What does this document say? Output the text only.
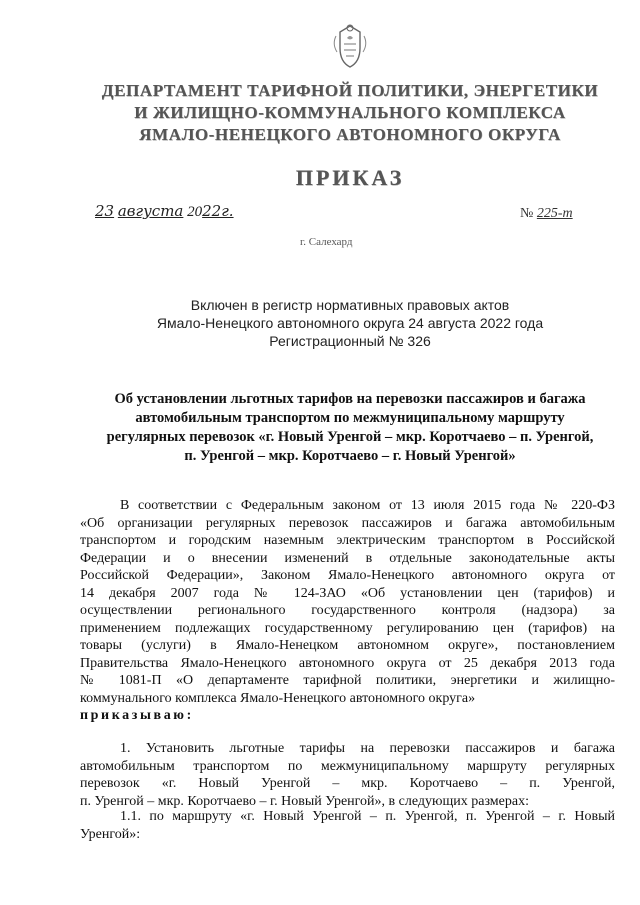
ДЕПАРТАМЕНТ ТАРИФНОЙ ПОЛИТИКИ, ЭНЕРГЕТИКИ
И ЖИЛИЩНО-КОММУНАЛЬНОГО КОМПЛЕКСА
ЯМАЛО-НЕНЕЦКОГО АВТОНОМНОГО ОКРУГА
ПРИКАЗ
23 августа 2022г.	№ 225-т
г. Салехард
Включен в регистр нормативных правовых актов
Ямало-Ненецкого автономного округа 24 августа 2022 года
Регистрационный № 326
Об установлении льготных тарифов на перевозки пассажиров и багажа
автомобильным транспортом по межмуниципальному маршруту
регулярных перевозок «г. Новый Уренгой – мкр. Коротчаево – п. Уренгой,
п. Уренгой – мкр. Коротчаево – г. Новый Уренгой»
В соответствии с Федеральным законом от 13 июля 2015 года № 220-ФЗ
«Об организации регулярных перевозок пассажиров и багажа автомобильным
транспортом и городским наземным электрическим транспортом в Российской
Федерации и о внесении изменений в отдельные законодательные акты
Российской Федерации», Законом Ямало-Ненецкого автономного округа от
14 декабря 2007 года № 124-ЗАО «Об установлении цен (тарифов) и
осуществлении регионального государственного контроля (надзора) за
применением подлежащих государственному регулированию цен (тарифов) на
товары (услуги) в Ямало-Ненецком автономном округе», постановлением
Правительства Ямало-Ненецкого автономного округа от 25 декабря 2013 года
№ 1081-П «О департаменте тарифной политики, энергетики и жилищно-
коммунального комплекса Ямало-Ненецкого автономного округа»
приказываю:
1. Установить льготные тарифы на перевозки пассажиров и багажа
автомобильным транспортом по межмуниципальному маршруту регулярных
перевозок «г. Новый Уренгой – мкр. Коротчаево – п. Уренгой,
п. Уренгой – мкр. Коротчаево – г. Новый Уренгой», в следующих размерах:
1.1. по маршруту «г. Новый Уренгой – п. Уренгой, п. Уренгой – г. Новый
Уренгой»:
